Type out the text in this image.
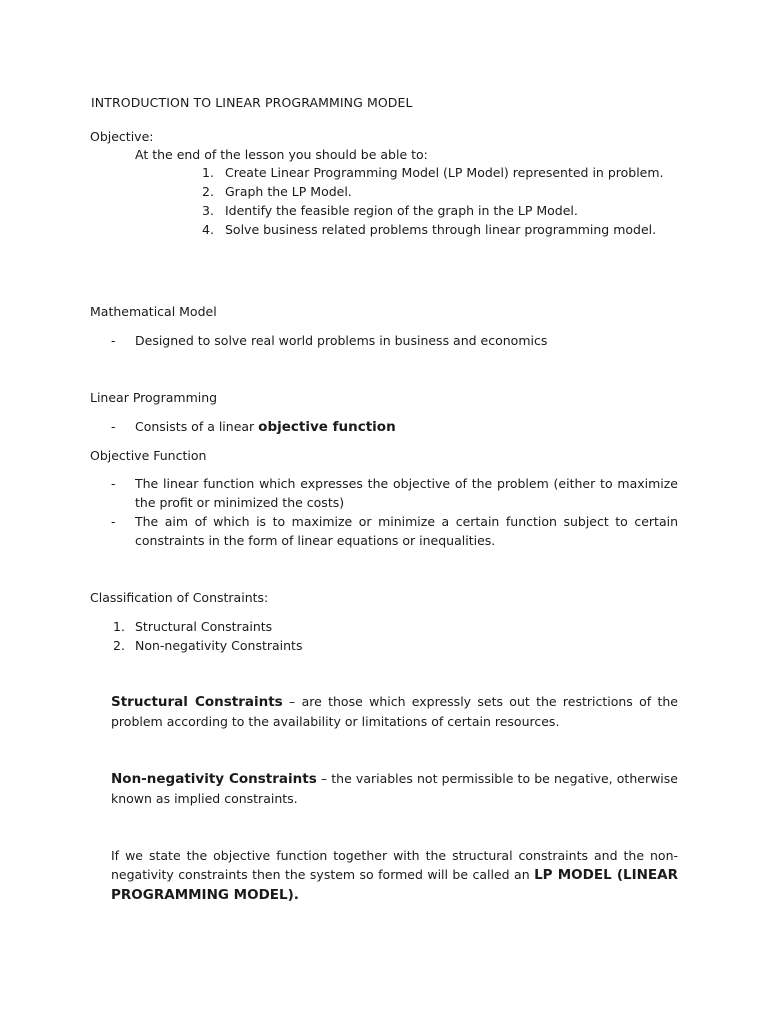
INTRODUCTION TO LINEAR PROGRAMMING MODEL
Objective:
At the end of the lesson you should be able to:
1. Create Linear Programming Model (LP Model) represented in problem.
2. Graph the LP Model.
3. Identify the feasible region of the graph in the LP Model.
4. Solve business related problems through linear programming model.
Mathematical Model
-	Designed to solve real world problems in business and economics
Linear Programming
-	Consists of a linear objective function
Objective Function
-	The linear function which expresses the objective of the problem (either to maximize the profit or minimized the costs)
-	The aim of which is to maximize or minimize a certain function subject to certain constraints in the form of linear equations or inequalities.
Classification of Constraints:
1. Structural Constraints
2. Non-negativity Constraints
Structural Constraints – are those which expressly sets out the restrictions of the problem according to the availability or limitations of certain resources.
Non-negativity Constraints – the variables not permissible to be negative, otherwise known as implied constraints.
If we state the objective function together with the structural constraints and the non-negativity constraints then the system so formed will be called an LP MODEL (LINEAR PROGRAMMING MODEL).
